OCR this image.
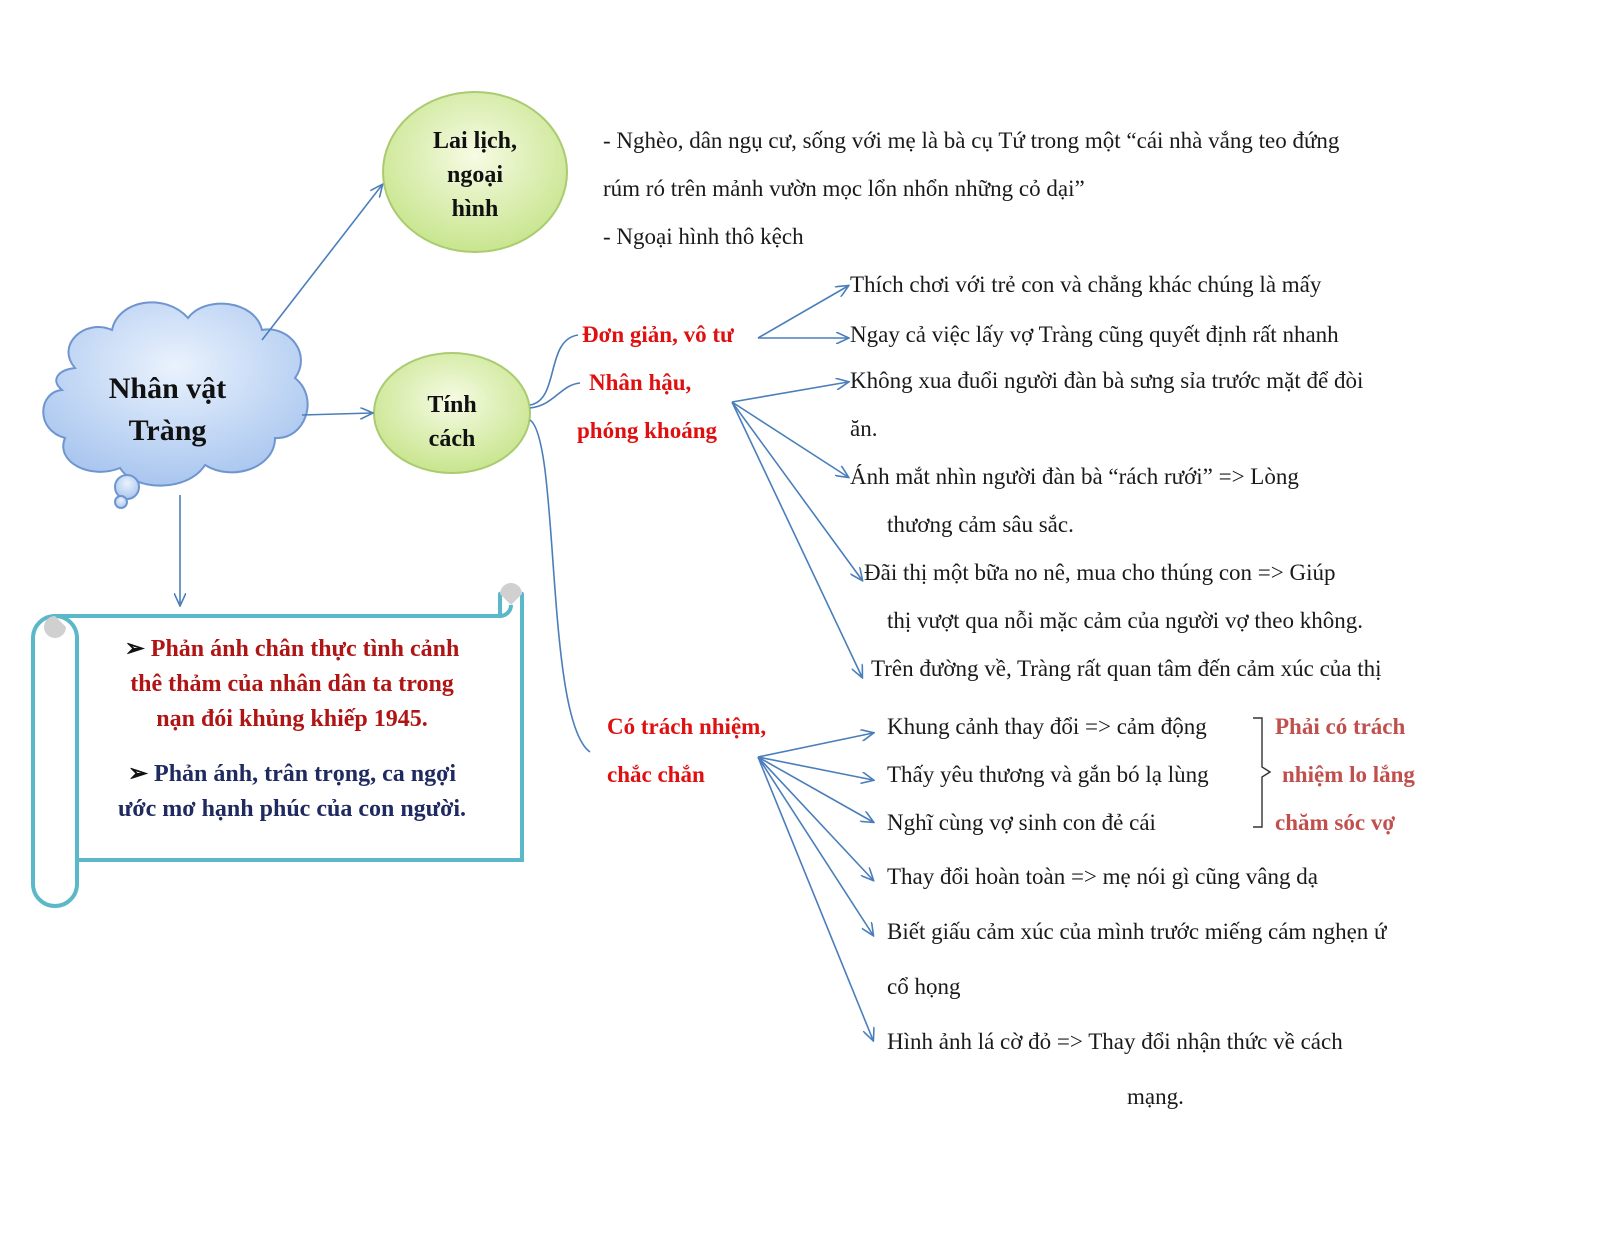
Nhân vật
Tràng
Lai lịch,
ngoại
hình
Tính
cách
- Nghèo, dân ngụ cư, sống với mẹ là bà cụ Tứ trong một “cái nhà vắng teo đứng
rúm ró trên mảnh vườn mọc lổn nhổn những cỏ dại”
- Ngoại hình thô kệch
Đơn giản, vô tư
Nhân hậu,
phóng khoáng
Có trách nhiệm,
chắc chắn
Thích chơi với trẻ con và chẳng khác chúng là mấy
Ngay cả việc lấy vợ Tràng cũng quyết định rất nhanh
Không xua đuổi người đàn bà sưng sỉa trước mặt để đòi
ăn.
Ánh mắt nhìn người đàn bà “rách rưới” => Lòng
thương cảm sâu sắc.
Đãi thị một bữa no nê, mua cho thúng con => Giúp
thị vượt qua nỗi mặc cảm của người vợ theo không.
Trên đường về, Tràng rất quan tâm đến cảm xúc của thị
Khung cảnh thay đổi => cảm động
Thấy yêu thương và gắn bó lạ lùng
Nghĩ cùng vợ sinh con đẻ cái
Thay đổi hoàn toàn => mẹ nói gì cũng vâng dạ
Biết giấu cảm xúc của mình trước miếng cám nghẹn ứ
cổ họng
Hình ảnh lá cờ đỏ => Thay đổi nhận thức về cách
mạng.
Phải có trách
nhiệm lo lắng
chăm sóc vợ
➢ Phản ánh chân thực tình cảnh
thê thảm của nhân dân ta trong
nạn đói khủng khiếp 1945.
➢ Phản ánh, trân trọng, ca ngợi
ước mơ hạnh phúc của con người.
